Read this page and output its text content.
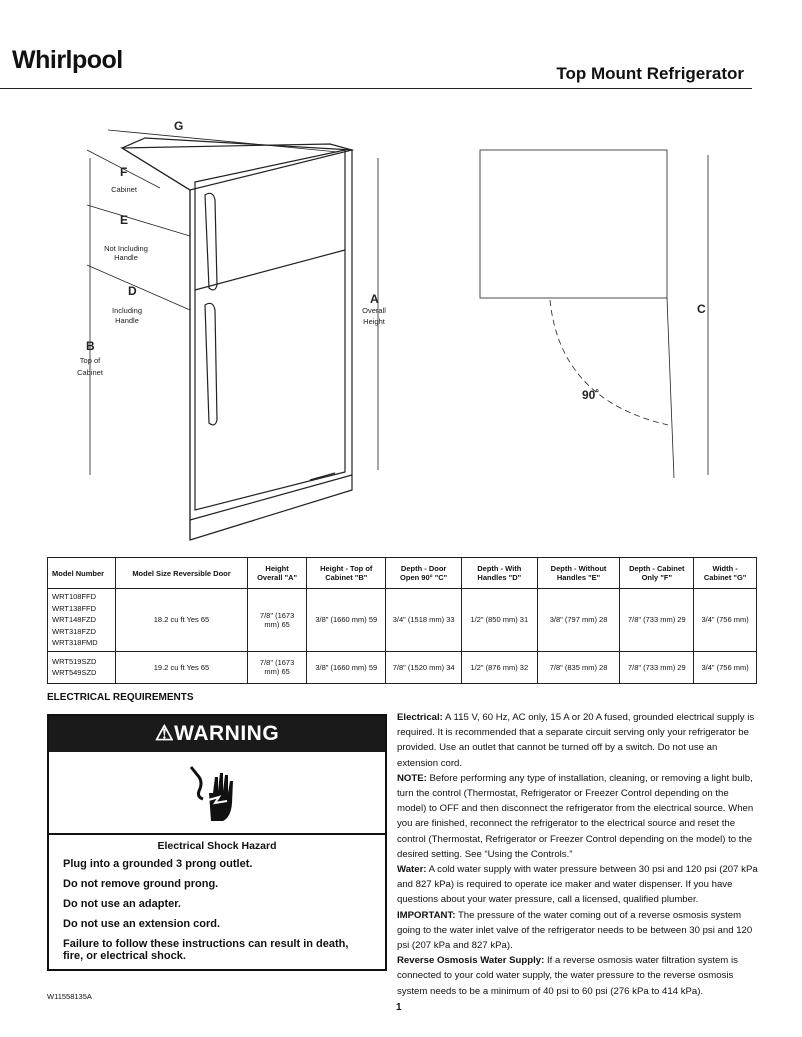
Whirlpool	Top Mount Refrigerator
G
F
E
D
B
A
C
90˚
Cabinet
Not Including
Handle
Including
Handle
Top of
Cabinet
Overall
Height
Model Number	Model Size Reversible Door	Height Overall "A"	Height - Top of Cabinet "B"	Depth - Door Open 90° "C"	Depth - With Handles "D"	Depth - Without Handles "E"	Depth - Cabinet Only "F"	Width - Cabinet "G"

WRT108FFD
WRT138FFD
WRT148FZD
WRT318FZD
WRT318FMD	18.2 cu ft Yes 65	7/8" (1673 mm) 65	3/8" (1660 mm) 59	3/4" (1518 mm) 33	1/2" (850 mm) 31	3/8" (797 mm) 28	7/8" (733 mm) 29	3/4" (756 mm)

WRT519SZD
WRT549SZD	19.2 cu ft Yes 65	7/8" (1673 mm) 65	3/8" (1660 mm) 59	7/8" (1520 mm) 34	1/2" (876 mm) 32	7/8" (835 mm) 28	7/8" (733 mm) 29	3/4" (756 mm)
ELECTRICAL REQUIREMENTS
⚠WARNING
Electrical Shock Hazard

Plug into a grounded 3 prong outlet.

Do not remove ground prong.

Do not use an adapter.

Do not use an extension cord.

Failure to follow these instructions can result in death, fire, or electrical shock.

Electrical: A 115 V, 60 Hz, AC only, 15 A or 20 A fused, grounded electrical supply is required. It is recommended that a separate circuit serving only your refrigerator be provided. Use an outlet that cannot be turned off by a switch. Do not use an extension cord.
NOTE: Before performing any type of installation, cleaning, or removing a light bulb, turn the control (Thermostat, Refrigerator or Freezer Control depending on the model) to OFF and then disconnect the refrigerator from the electrical source. When you are finished, reconnect the refrigerator to the electrical source and reset the control (Thermostat, Refrigerator or Freezer Control depending on the model) to the desired setting. See “Using the Controls.”
Water: A cold water supply with water pressure between 30 psi and 120 psi (207 kPa and 827 kPa) is required to operate ice maker and water dispenser. If you have questions about your water pressure, call a licensed, qualified plumber.
IMPORTANT: The pressure of the water coming out of a reverse osmosis system going to the water inlet valve of the refrigerator needs to be between 30 psi and 120 psi (207 kPa and 827 kPa).
Reverse Osmosis Water Supply: If a reverse osmosis water filtration system is connected to your cold water supply, the water pressure to the reverse osmosis system needs to be a minimum of 40 psi to 60 psi (276 kPa to 414 kPa).
W11558135A
1
